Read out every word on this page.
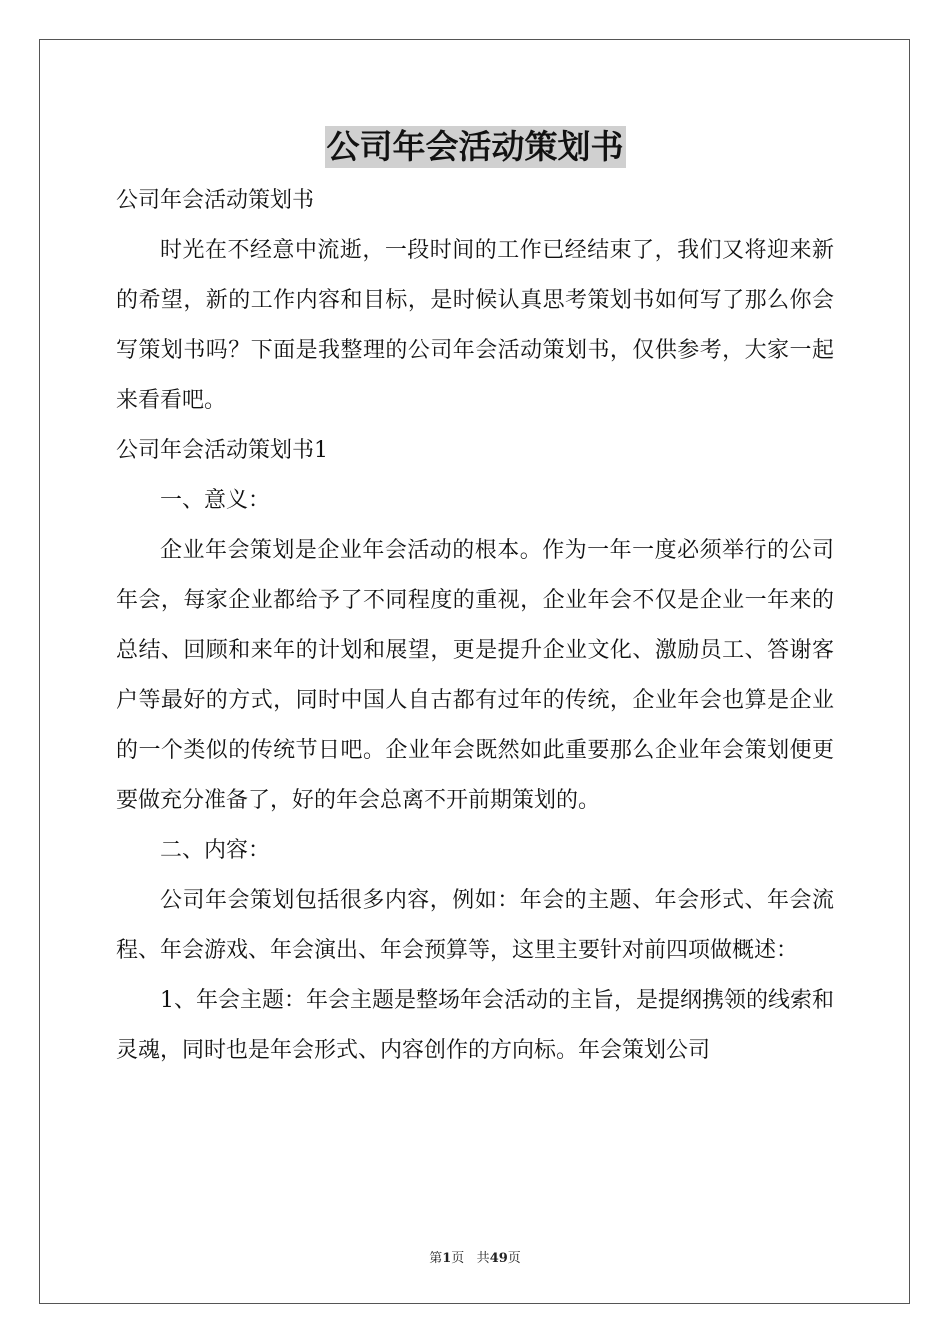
公司年会活动策划书
公司年会活动策划书
时光在不经意中流逝，一段时间的工作已经结束了，我们又将迎来新的希望，新的工作内容和目标，是时候认真思考策划书如何写了那么你会写策划书吗？下面是我整理的公司年会活动策划书，仅供参考，大家一起来看看吧。
公司年会活动策划书1
一、意义：
企业年会策划是企业年会活动的根本。作为一年一度必须举行的公司年会，每家企业都给予了不同程度的重视，企业年会不仅是企业一年来的总结、回顾和来年的计划和展望，更是提升企业文化、激励员工、答谢客户等最好的方式，同时中国人自古都有过年的传统，企业年会也算是企业的一个类似的传统节日吧。企业年会既然如此重要那么企业年会策划便更要做充分准备了，好的年会总离不开前期策划的。
二、内容：
公司年会策划包括很多内容，例如：年会的主题、年会形式、年会流程、年会游戏、年会演出、年会预算等，这里主要针对前四项做概述：
1、年会主题：年会主题是整场年会活动的主旨，是提纲携领的线索和灵魂，同时也是年会形式、内容创作的方向标。年会策划公司
第1页 共49页
